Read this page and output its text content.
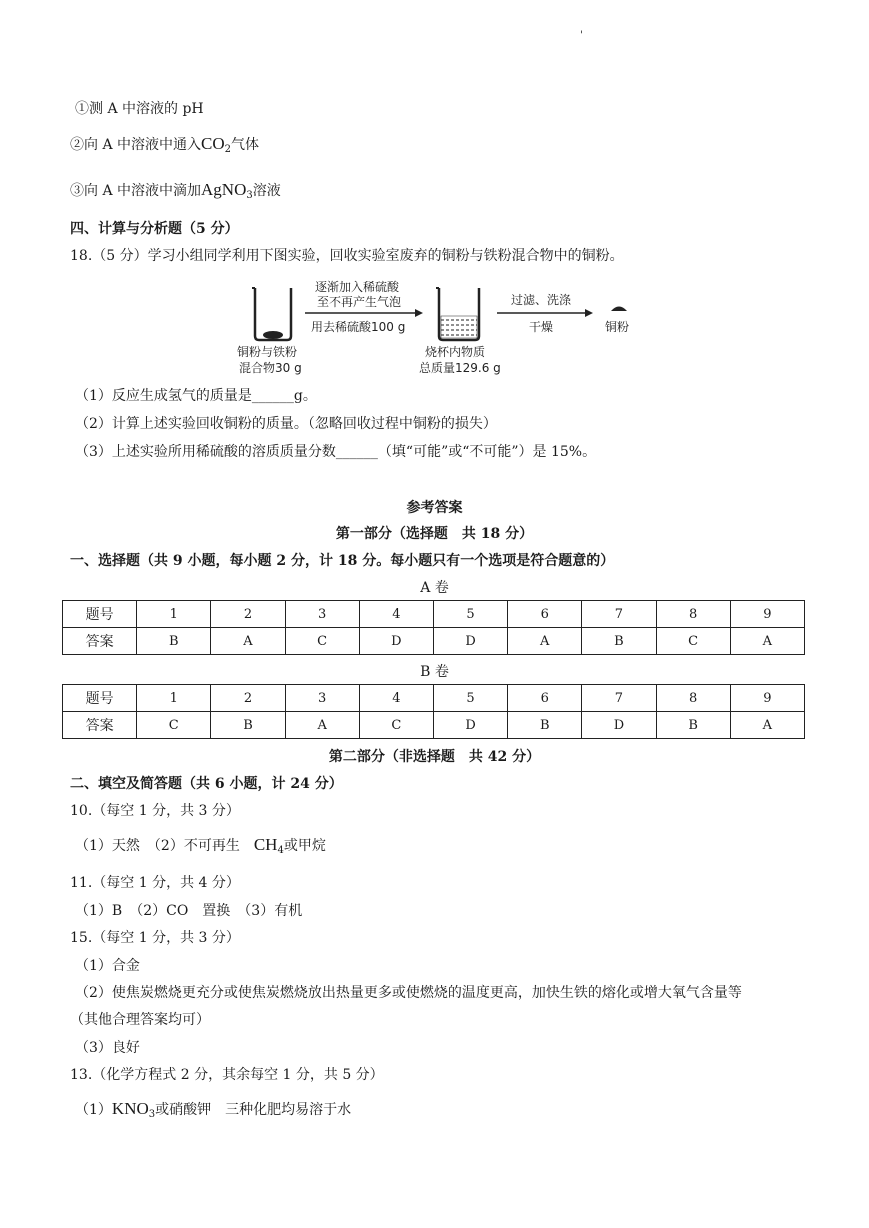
'
①测 A 中溶液的 pH
②向 A 中溶液中通入$CO_2$气体
③向 A 中溶液中滴加AgNO$_3$溶液
四、计算与分析题（5 分）
18.（5 分）学习小组同学利用下图实验，回收实验室废弃的铜粉与铁粉混合物中的铜粉。
铜粉与铁粉
混合物30 g
逐渐加入稀硫酸
至不再产生气泡
用去稀硫酸100 g
烧杯内物质
总质量129.6 g
过滤、洗涤
干燥	铜粉
（1）反应生成氢气的质量是______g。
（2）计算上述实验回收铜粉的质量。（忽略回收过程中铜粉的损失）
（3）上述实验所用稀硫酸的溶质质量分数______（填“可能”或“不可能”）是 15%。
参考答案
第一部分（选择题　共 18 分）
一、选择题（共 9 小题，每小题 2 分，计 18 分。每小题只有一个选项是符合题意的）
A 卷
题号	1	2	3	4	5	6	7	8	9
答案	B	A	C	D	D	A	B	C	A
B 卷
题号	1	2	3	4	5	6	7	8	9
答案	C	B	A	C	D	B	D	B	A
第二部分（非选择题　共 42 分）
二、填空及简答题（共 6 小题，计 24 分）
10.（每空 1 分，共 3 分）
（1）天然　（2）不可再生　 $CH_4$或甲烷
11.（每空 1 分，共 4 分）
（1）B　（2）CO　置换　（3）有机
15.（每空 1 分，共 3 分）
（1）合金
（2）使焦炭燃烧更充分或使焦炭燃烧放出热量更多或使燃烧的温度更高，加快生铁的熔化或增大氧气含量等
（其他合理答案均可）
（3）良好
13.（化学方程式 2 分，其余每空 1 分，共 5 分）
$(1)KNO_3$或硝酸钾　三种化肥均易溶于水
